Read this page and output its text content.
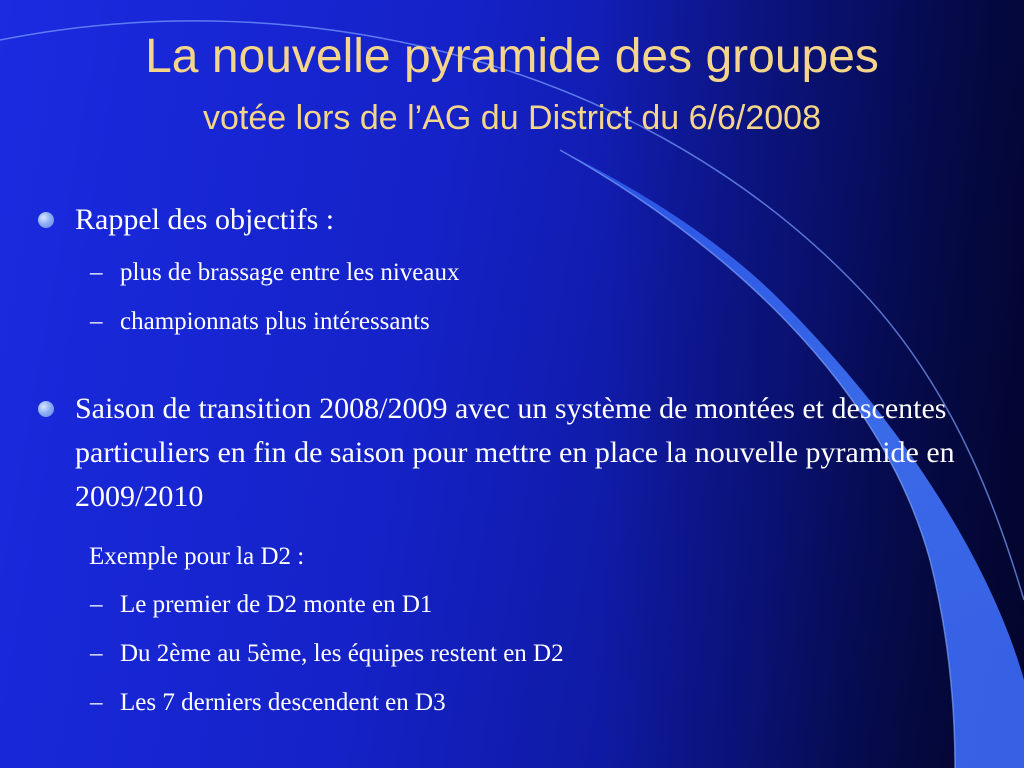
La nouvelle pyramide des groupes
votée lors de l’AG du District du 6/6/2008
Rappel des objectifs :
– plus de brassage entre les niveaux
– championnats plus intéressants
Saison de transition 2008/2009 avec un système de montées et descentes particuliers en fin de saison pour mettre en place la nouvelle pyramide en 2009/2010
Exemple pour la D2 :
– Le premier de D2 monte en D1
– Du 2ème au 5ème, les équipes restent en D2
– Les 7 derniers descendent en D3
